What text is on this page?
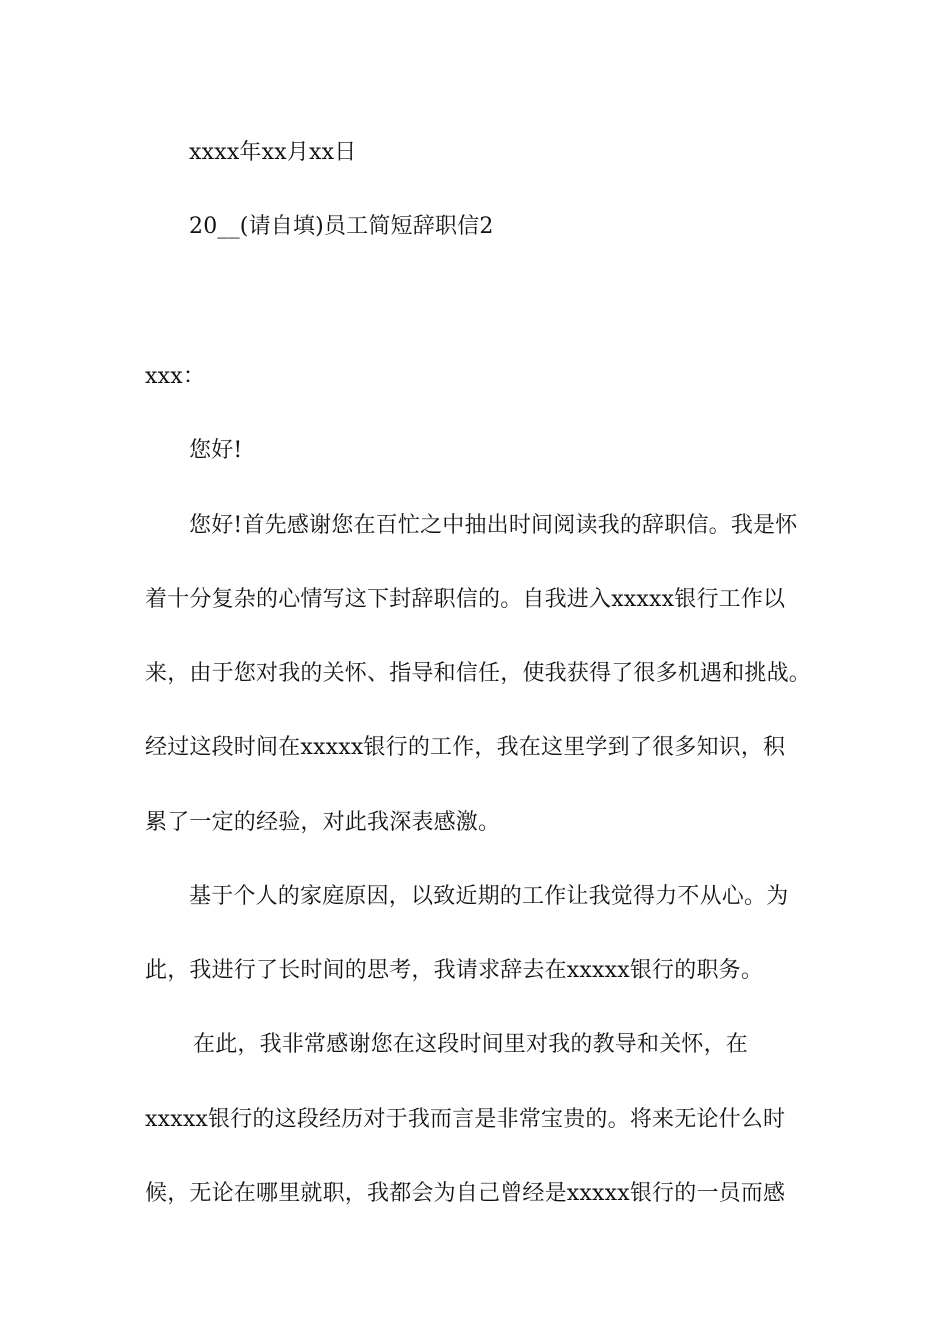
xxxx年xx月xx日
20__(请自填)员工简短辞职信2
xxx：
您好!
您好!首先感谢您在百忙之中抽出时间阅读我的辞职信。我是怀
着十分复杂的心情写这下封辞职信的。自我进入xxxxx银行工作以
来，由于您对我的关怀、指导和信任，使我获得了很多机遇和挑战。
经过这段时间在xxxxx银行的工作，我在这里学到了很多知识，积
累了一定的经验，对此我深表感激。
基于个人的家庭原因，以致近期的工作让我觉得力不从心。为
此，我进行了长时间的思考，我请求辞去在xxxxx银行的职务。
在此，我非常感谢您在这段时间里对我的教导和关怀，在
xxxxx银行的这段经历对于我而言是非常宝贵的。将来无论什么时
候，无论在哪里就职，我都会为自己曾经是xxxxx银行的一员而感
